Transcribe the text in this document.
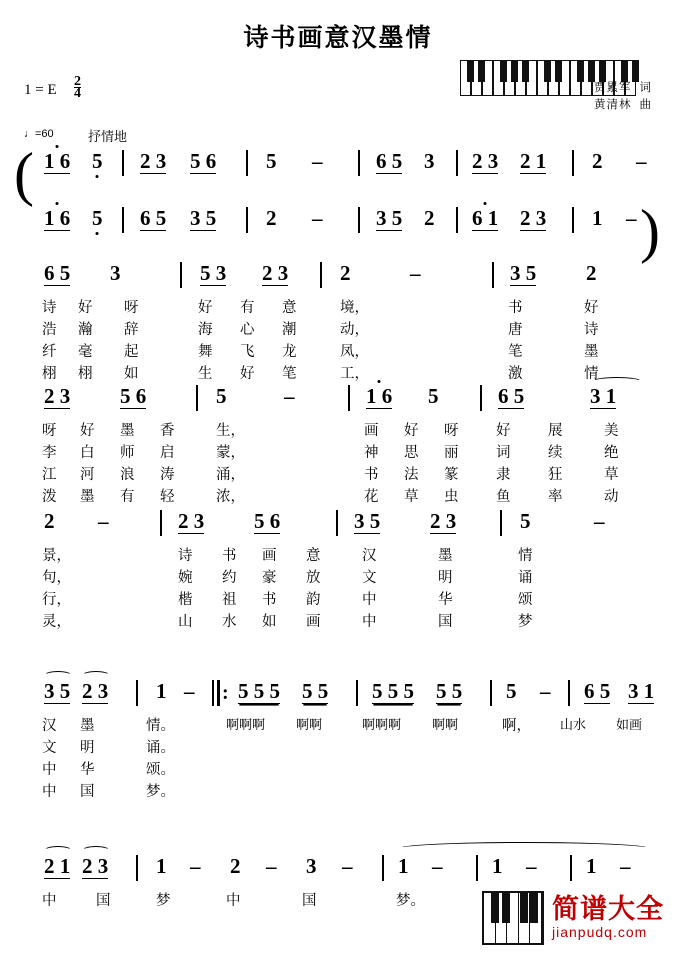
诗书画意汉墨情
1 = E $\frac{2}{4}$	贾累军 词
黄清林 曲
♩=60	抒情地
( 1 6 5 2 3 5 6 5 –	6 5 3 2 3 2 1 2 –
)
1 6 5 6 5 3 5 2 –	3 5 2 6 1 2 3 1 –
6 5 3	5 3 2 3 2	–	3 5 2
诗 好 呀	好 有 意	境，	书	好
浩 瀚 辞	海 心 潮	动，	唐	诗
纤 毫 起	舞 飞 龙	凤，	笔	墨
栩 栩 如	生 好 笔	工，	激	情
2 3 5 6	5	–	1 6 5	6 5	3 1
呀 好 墨 香	生，	画 好 呀	好	展	美
李 白 师 启	蒙，	神 思 丽	词	续	绝
江 河 浪 涛	涌，	书 法 篆	隶	狂	草
泼 墨 有 轻	浓，	花 草 虫	鱼	率	动
2 –	2 3 5 6	3 5 2 3	5	–
景，	诗 书 画 意	汉	墨	情
句，	婉 约 豪 放	文	明	诵
行，	楷 祖 书 韵	中	华	颂
灵，	山 水 如 画	中	国	梦
3 5 2 3 1 – : 5 5 5 5 5 5 5 5 5 5 5 – 6 5 3 1
汉 墨	情。	啊啊啊 啊啊	啊啊啊 啊啊	啊， 山水 如画
文 明	诵。
中 华	颂。
中 国	梦。
2 1 2 3 1 – 2 – 3 – 1 – 1 – 1 –
中	国	梦	中	国	梦。	简谱大全
jianpudq.com
